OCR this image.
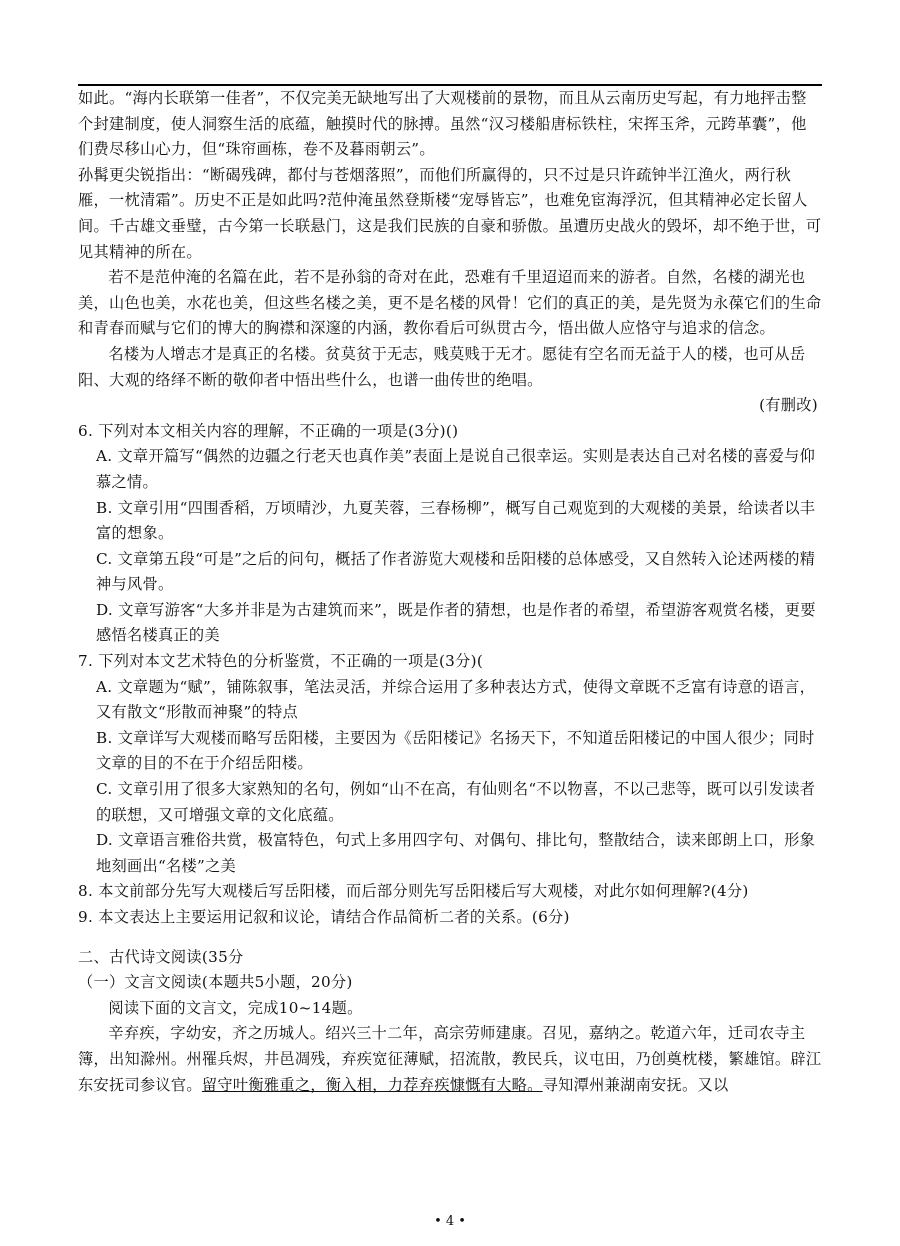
如此。“海内长联第一佳者”，不仅完美无缺地写出了大观楼前的景物，而且从云南历史写起，有力地抨击整个封建制度，使人洞察生活的底蕴，触摸时代的脉搏。虽然“汉习楼船唐标铁柱，宋挥玉斧，元跨革囊”，他们费尽移山心力，但“珠帘画栋，卷不及暮雨朝云”。

孙髯更尖锐指出：“断碣残碑，都付与苍烟落照”，而他们所赢得的，只不过是只许疏钟半江渔火，两行秋雁，一枕清霜”。历史不正是如此吗?范仲淹虽然登斯楼“宠辱皆忘”，也难免宦海浮沉，但其精神必定长留人间。千古雄文垂璧，古今第一长联悬门，这是我们民族的自豪和骄傲。虽遭历史战火的毁坏，却不绝于世，可见其精神的所在。

若不是范仲淹的名篇在此，若不是孙翁的奇对在此，恐难有千里迢迢而来的游者。自然，名楼的湖光也美，山色也美，水花也美，但这些名楼之美，更不是名楼的风骨！它们的真正的美，是先贤为永葆它们的生命和青春而赋与它们的博大的胸襟和深邃的内涵，教你看后可纵贯古今，悟出做人应恪守与追求的信念。

名楼为人增志才是真正的名楼。贫莫贫于无志，贱莫贱于无才。愿徒有空名而无益于人的楼，也可从岳阳、大观的络绎不断的敬仰者中悟出些什么，也谱一曲传世的绝唱。

(有删改)

6. 下列对本文相关内容的理解，不正确的一项是(3分)()

A. 文章开篇写“偶然的边疆之行老天也真作美”表面上是说自己很幸运。实则是表达自己对名楼的喜爱与仰慕之情。

B. 文章引用“四围香稻，万顷晴沙，九夏芙蓉，三春杨柳”，概写自己观览到的大观楼的美景，给读者以丰富的想象。

C. 文章第五段“可是”之后的问句，概括了作者游览大观楼和岳阳楼的总体感受，又自然转入论述两楼的精神与风骨。

D. 文章写游客“大多并非是为古建筑而来”，既是作者的猜想，也是作者的希望，希望游客观赏名楼，更要感悟名楼真正的美

7. 下列对本文艺术特色的分析鉴赏，不正确的一项是(3分)(

A. 文章题为“赋”，铺陈叙事，笔法灵活，并综合运用了多种表达方式，使得文章既不乏富有诗意的语言，又有散文“形散而神聚”的特点

B. 文章详写大观楼而略写岳阳楼，主要因为《岳阳楼记》名扬天下，不知道岳阳楼记的中国人很少；同时文章的目的不在于介绍岳阳楼。

C. 文章引用了很多大家熟知的名句，例如“山不在高，有仙则名“不以物喜，不以己悲等，既可以引发读者的联想，又可增强文章的文化底蕴。

D. 文章语言雅俗共赏，极富特色，句式上多用四字句、对偶句、排比句，整散结合，读来郎朗上口，形象地刻画出“名楼”之美

8. 本文前部分先写大观楼后写岳阳楼，而后部分则先写岳阳楼后写大观楼，对此尔如何理解?(4分)

9. 本文表达上主要运用记叙和议论，请结合作品简析二者的关系。(6分)

二、古代诗文阅读(35分

（一）文言文阅读(本题共5小题，20分)

阅读下面的文言文，完成10~14题。

辛弃疾，字幼安，齐之历城人。绍兴三十二年，高宗劳师建康。召见，嘉纳之。乾道六年，迁司农寺主簿，出知滁州。州罹兵烬，井邑凋残，弃疾宽征薄赋，招流散，教民兵，议屯田，乃创奠枕楼，繁雄馆。辟江东安抚司参议官。留守叶衡雅重之，衡入相，力荐弃疾慷慨有大略。寻知潭州兼湖南安抚。又以

• 4 •
